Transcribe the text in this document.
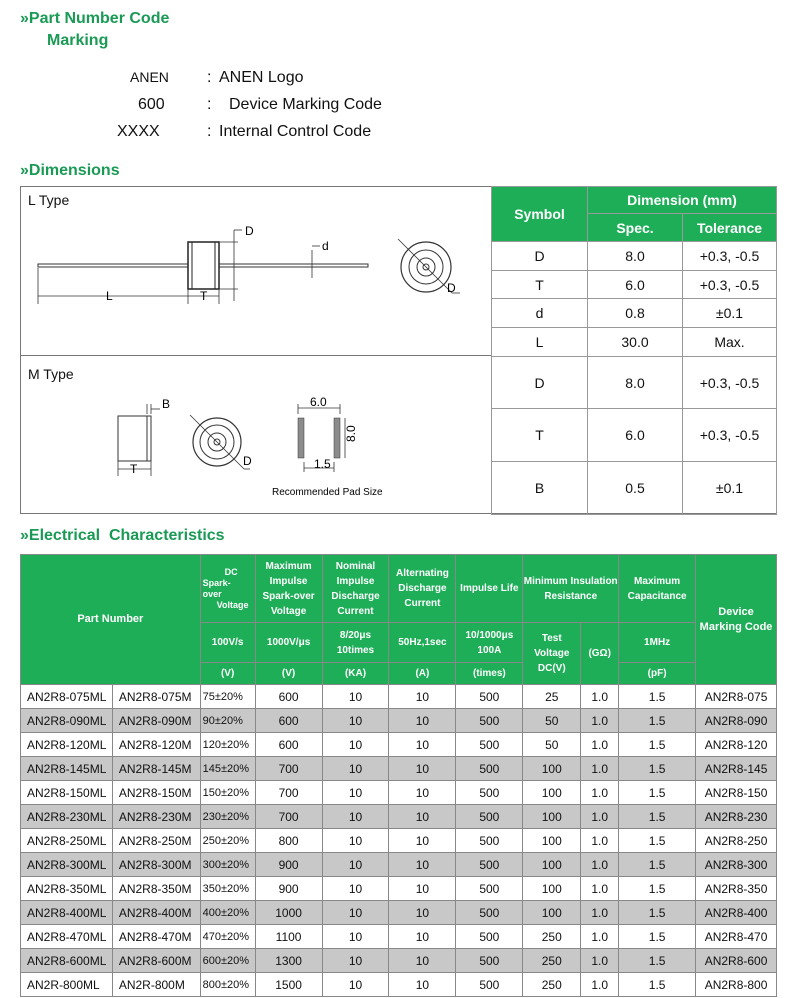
»Part Number Code
Marking
ANEN : ANEN Logo
600	: Device Marking Code
XXXX	: Internal Control Code
»Dimensions
L Type
D
d
L	T
D
M Type
B
T
D
6.0
8.0
1.5
Recommended Pad Size
Symbol	Dimension (mm)	
	Spec.	Tolerance
D	8.0	+0.3, -0.5
T	6.0	+0.3, -0.5
d	0.8	±0.1
L	30.0	Max.
D	8.0	+0.3, -0.5
T	6.0	+0.3, -0.5
B	0.5	±0.1
»Electrical Characteristics
Part Number		DC
Spark-
over
Voltage	Maximum Impulse Spark-over Voltage	Nominal Impulse Discharge Current	Alternating Discharge Current	Impulse Life	Minimum Insulation Resistance		Maximum Capacitance	Device Marking Code
		100V/s	1000V/μs	8/20μs 10times	50Hz,1sec	10/1000μs 100A	Test Voltage DC(V)	(GΩ)	1MHz	
		(V)	(V)	(KA)	(A)	(times)			(pF)	
AN2R8-075ML	AN2R8-075M	75±20%	600	10	10	500	25	1.0	1.5	AN2R8-075
AN2R8-090ML	AN2R8-090M	90±20%	600	10	10	500	50	1.0	1.5	AN2R8-090
AN2R8-120ML	AN2R8-120M	120±20%	600	10	10	500	50	1.0	1.5	AN2R8-120
AN2R8-145ML	AN2R8-145M	145±20%	700	10	10	500	100	1.0	1.5	AN2R8-145
AN2R8-150ML	AN2R8-150M	150±20%	700	10	10	500	100	1.0	1.5	AN2R8-150
AN2R8-230ML	AN2R8-230M	230±20%	700	10	10	500	100	1.0	1.5	AN2R8-230
AN2R8-250ML	AN2R8-250M	250±20%	800	10	10	500	100	1.0	1.5	AN2R8-250
AN2R8-300ML	AN2R8-300M	300±20%	900	10	10	500	100	1.0	1.5	AN2R8-300
AN2R8-350ML	AN2R8-350M	350±20%	900	10	10	500	100	1.0	1.5	AN2R8-350
AN2R8-400ML	AN2R8-400M	400±20%	1000	10	10	500	100	1.0	1.5	AN2R8-400
AN2R8-470ML	AN2R8-470M	470±20%	1100	10	10	500	250	1.0	1.5	AN2R8-470
AN2R8-600ML	AN2R8-600M	600±20%	1300	10	10	500	250	1.0	1.5	AN2R8-600
AN2R-800ML	AN2R-800M	800±20%	1500	10	10	500	250	1.0	1.5	AN2R8-800
